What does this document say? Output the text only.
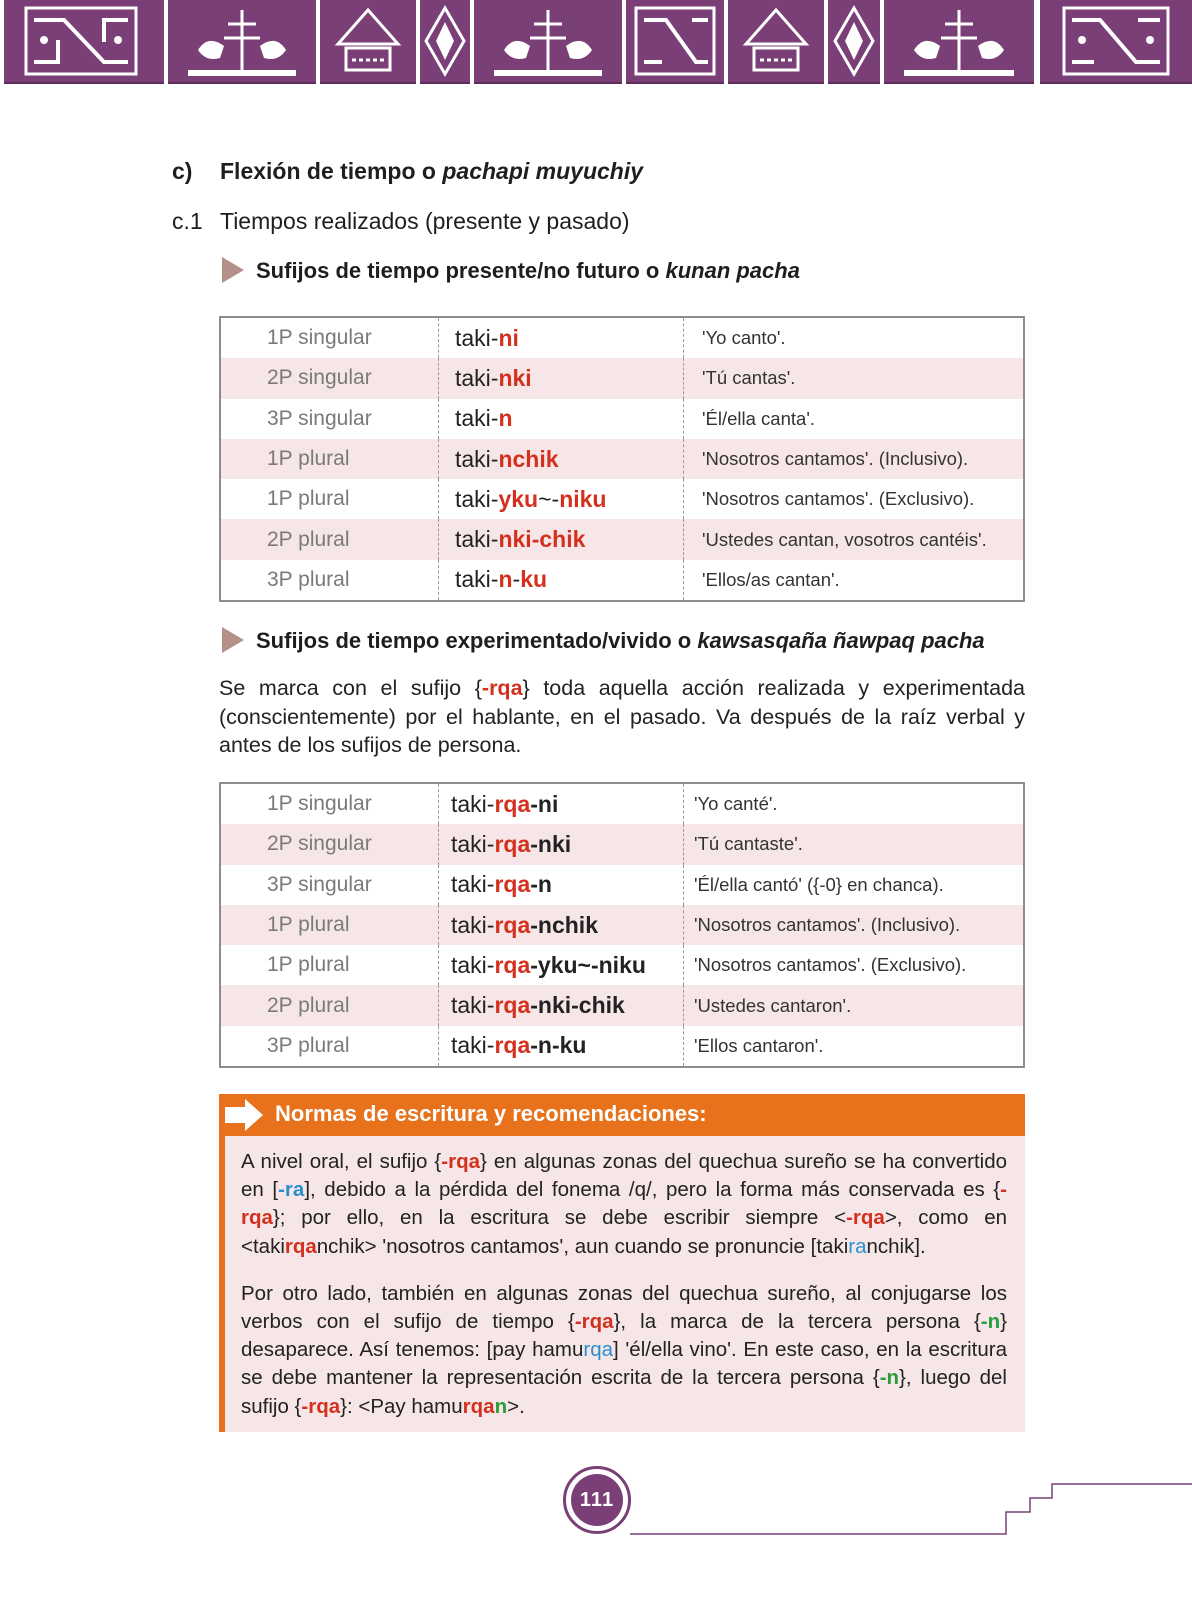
c) Flexión de tiempo o pachapi muyuchiy
c.1 Tiempos realizados (presente y pasado)
Sufijos de tiempo presente/no futuro o kunan pacha
1P singular	taki- ni	'Yo canto'.
2P singular	taki- nki	'Tú cantas'.
3P singular	taki- n	'Él/ella canta'.
1P plural	taki- nchik	'Nosotros cantamos'. (Inclusivo).
1P plural	taki- yku ~- niku	'Nosotros cantamos'. (Exclusivo).
2P plural	taki- nki - chik	'Ustedes cantan, vosotros cantéis'.
3P plural	taki- n - ku	'Ellos/as cantan'.
Sufijos de tiempo experimentado/vivido o kawsasqaña ñawpaq pacha
Se marca con el sufijo {-rqa} toda aquella acción realizada y experimentada (conscientemente) por el hablante, en el pasado. Va después de la raíz verbal y antes de los sufijos de persona.
1P singular	taki- rqa -ni	'Yo canté'.
2P singular	taki- rqa -nki	'Tú cantaste'.
3P singular	taki- rqa -n	'Él/ella cantó' ({-0} en chanca).
1P plural	taki- rqa -nchik	'Nosotros cantamos'. (Inclusivo).
1P plural	taki- rqa -yku ~-niku	'Nosotros cantamos'. (Exclusivo).
2P plural	taki- rqa -nki-chik	'Ustedes cantaron'.
3P plural	taki- rqa -n-ku	'Ellos cantaron'.
Normas de escritura y recomendaciones:

A nivel oral, el sufijo {-rqa} en algunas zonas del quechua sureño se ha convertido en [-ra], debido a la pérdida del fonema /q/, pero la forma más conservada es {-rqa}; por ello, en la escritura se debe escribir siempre <-rqa>, como en <takirqanchik> 'nosotros cantamos', aun cuando se pronuncie [takiranchik].

Por otro lado, también en algunas zonas del quechua sureño, al conjugarse los verbos con el sufijo de tiempo {-rqa}, la marca de la tercera persona {-n} desaparece. Así tenemos: [pay hamurqa] 'él/ella vino'. En este caso, en la escritura se debe mantener la representación escrita de la tercera persona {-n}, luego del sufijo {-rqa}: <Pay hamurqan>.

111
